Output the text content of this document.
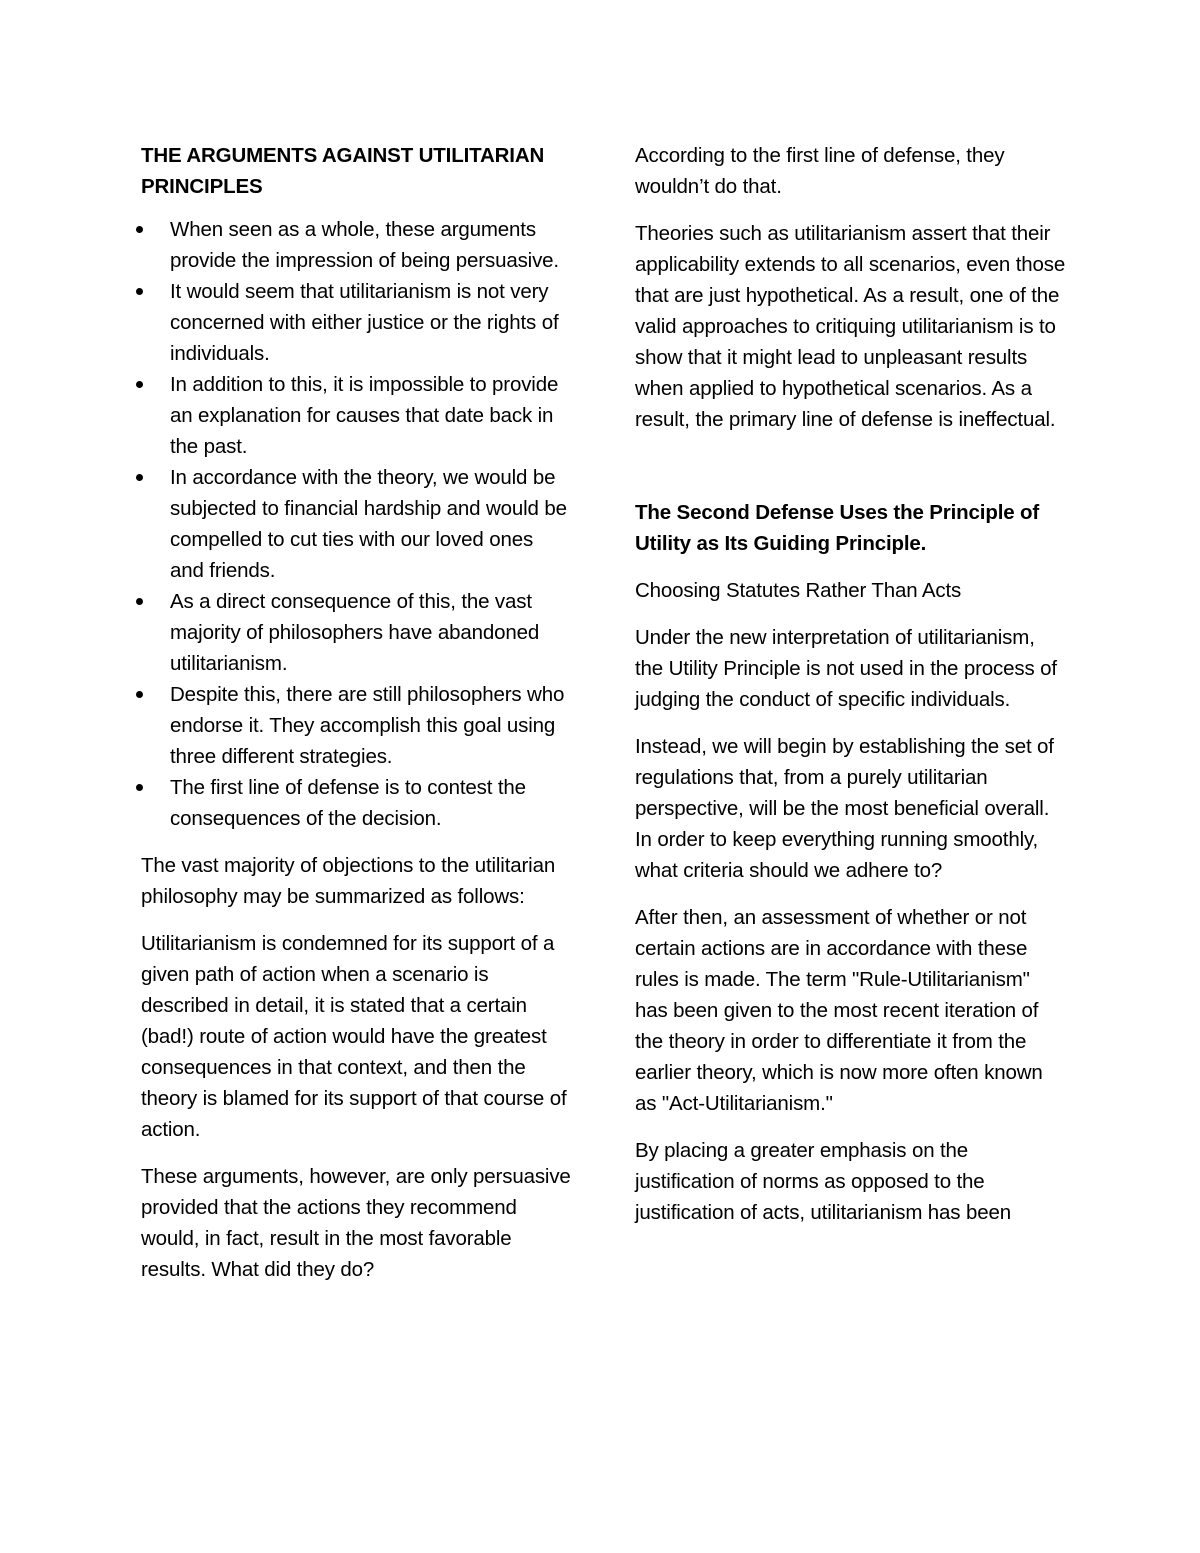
THE ARGUMENTS AGAINST UTILITARIAN PRINCIPLES
When seen as a whole, these arguments provide the impression of being persuasive.
It would seem that utilitarianism is not very concerned with either justice or the rights of individuals.
In addition to this, it is impossible to provide an explanation for causes that date back in the past.
In accordance with the theory, we would be subjected to financial hardship and would be compelled to cut ties with our loved ones and friends.
As a direct consequence of this, the vast majority of philosophers have abandoned utilitarianism.
Despite this, there are still philosophers who endorse it. They accomplish this goal using three different strategies.
The first line of defense is to contest the consequences of the decision.

The vast majority of objections to the utilitarian philosophy may be summarized as follows:

Utilitarianism is condemned for its support of a given path of action when a scenario is described in detail, it is stated that a certain (bad!) route of action would have the greatest consequences in that context, and then the theory is blamed for its support of that course of action.

These arguments, however, are only persuasive provided that the actions they recommend would, in fact, result in the most favorable results. What did they do?

According to the first line of defense, they wouldn’t do that.

Theories such as utilitarianism assert that their applicability extends to all scenarios, even those that are just hypothetical. As a result, one of the valid approaches to critiquing utilitarianism is to show that it might lead to unpleasant results when applied to hypothetical scenarios. As a result, the primary line of defense is ineffectual.

The Second Defense Uses the Principle of Utility as Its Guiding Principle.

Choosing Statutes Rather Than Acts

Under the new interpretation of utilitarianism, the Utility Principle is not used in the process of judging the conduct of specific individuals.

Instead, we will begin by establishing the set of regulations that, from a purely utilitarian perspective, will be the most beneficial overall. In order to keep everything running smoothly, what criteria should we adhere to?

After then, an assessment of whether or not certain actions are in accordance with these rules is made. The term "Rule-Utilitarianism" has been given to the most recent iteration of the theory in order to differentiate it from the earlier theory, which is now more often known as "Act-Utilitarianism."

By placing a greater emphasis on the justification of norms as opposed to the justification of acts, utilitarianism has been
